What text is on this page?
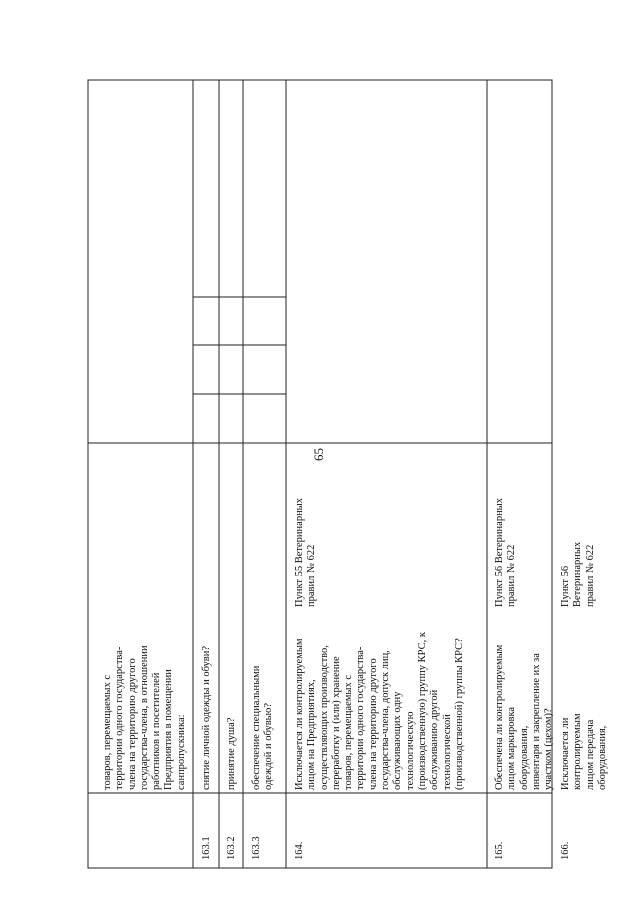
65
товаров, перемещаемых с
территории одного государства-
члена на территорию другого
государства-члена, в отношении
работников и посетителей
Предприятия в помещении
санпропускника:
163.1
снятие личной одежды и обуви?
163.2
принятие душа?
163.3
обеспечение специальными
одеждой и обувью?
164.
Исключается ли контролируемым
лицом на Предприятиях,
осуществляющих производство,
переработку и (или) хранение
товаров, перемещаемых с
территории одного государства-
члена на территорию другого
государства-члена, допуск лиц,
обслуживающих одну
технологическую
(производственную) группу КРС, к
обслуживанию другой
технологической
(производственной) группы КРС?
Пункт 55 Ветеринарных
правил № 622
165.
Обеспечена ли контролируемым
лицом маркировка оборудования,
инвентаря и закрепление их за
участком (цехом)?
Пункт 56 Ветеринарных
правил № 622
166.
Исключается ли контролируемым
лицом передача оборудования,
Пункт 56 Ветеринарных
правил № 622
